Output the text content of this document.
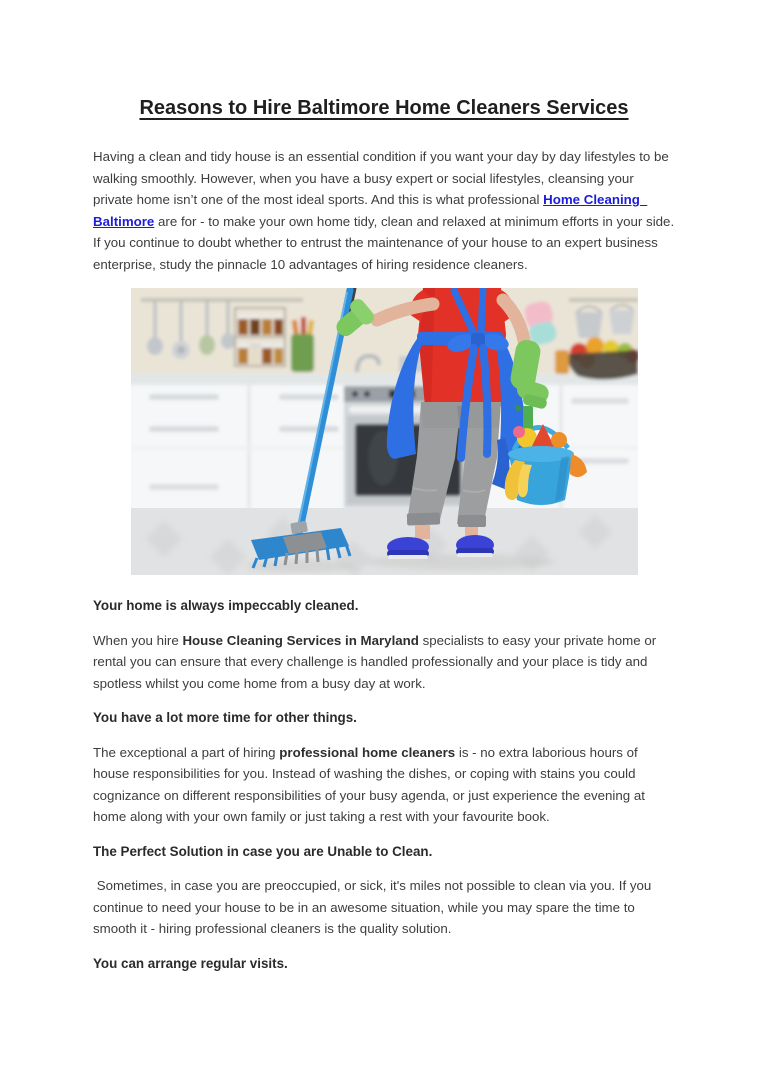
Reasons to Hire Baltimore Home Cleaners Services

Having a clean and tidy house is an essential condition if you want your day by day lifestyles to be walking smoothly. However, when you have a busy expert or social lifestyles, cleansing your private home isn’t one of the most ideal sports. And this is what professional Home Cleaning  Baltimore are for - to make your own home tidy, clean and relaxed at minimum efforts in your side. If you continue to doubt whether to entrust the maintenance of your house to an expert business enterprise, study the pinnacle 10 advantages of hiring residence cleaners.

Your home is always impeccably cleaned.

When you hire House Cleaning Services in Maryland specialists to easy your private home or rental you can ensure that every challenge is handled professionally and your place is tidy and spotless whilst you come home from a busy day at work.

You have a lot more time for other things.

The exceptional a part of hiring professional home cleaners is - no extra laborious hours of house responsibilities for you. Instead of washing the dishes, or coping with stains you could cognizance on different responsibilities of your busy agenda, or just experience the evening at home along with your own family or just taking a rest with your favourite book.

The Perfect Solution in case you are Unable to Clean.

Sometimes, in case you are preoccupied, or sick, it's miles not possible to clean via you. If you continue to need your house to be in an awesome situation, while you may spare the time to smooth it - hiring professional cleaners is the quality solution.

You can arrange regular visits.
